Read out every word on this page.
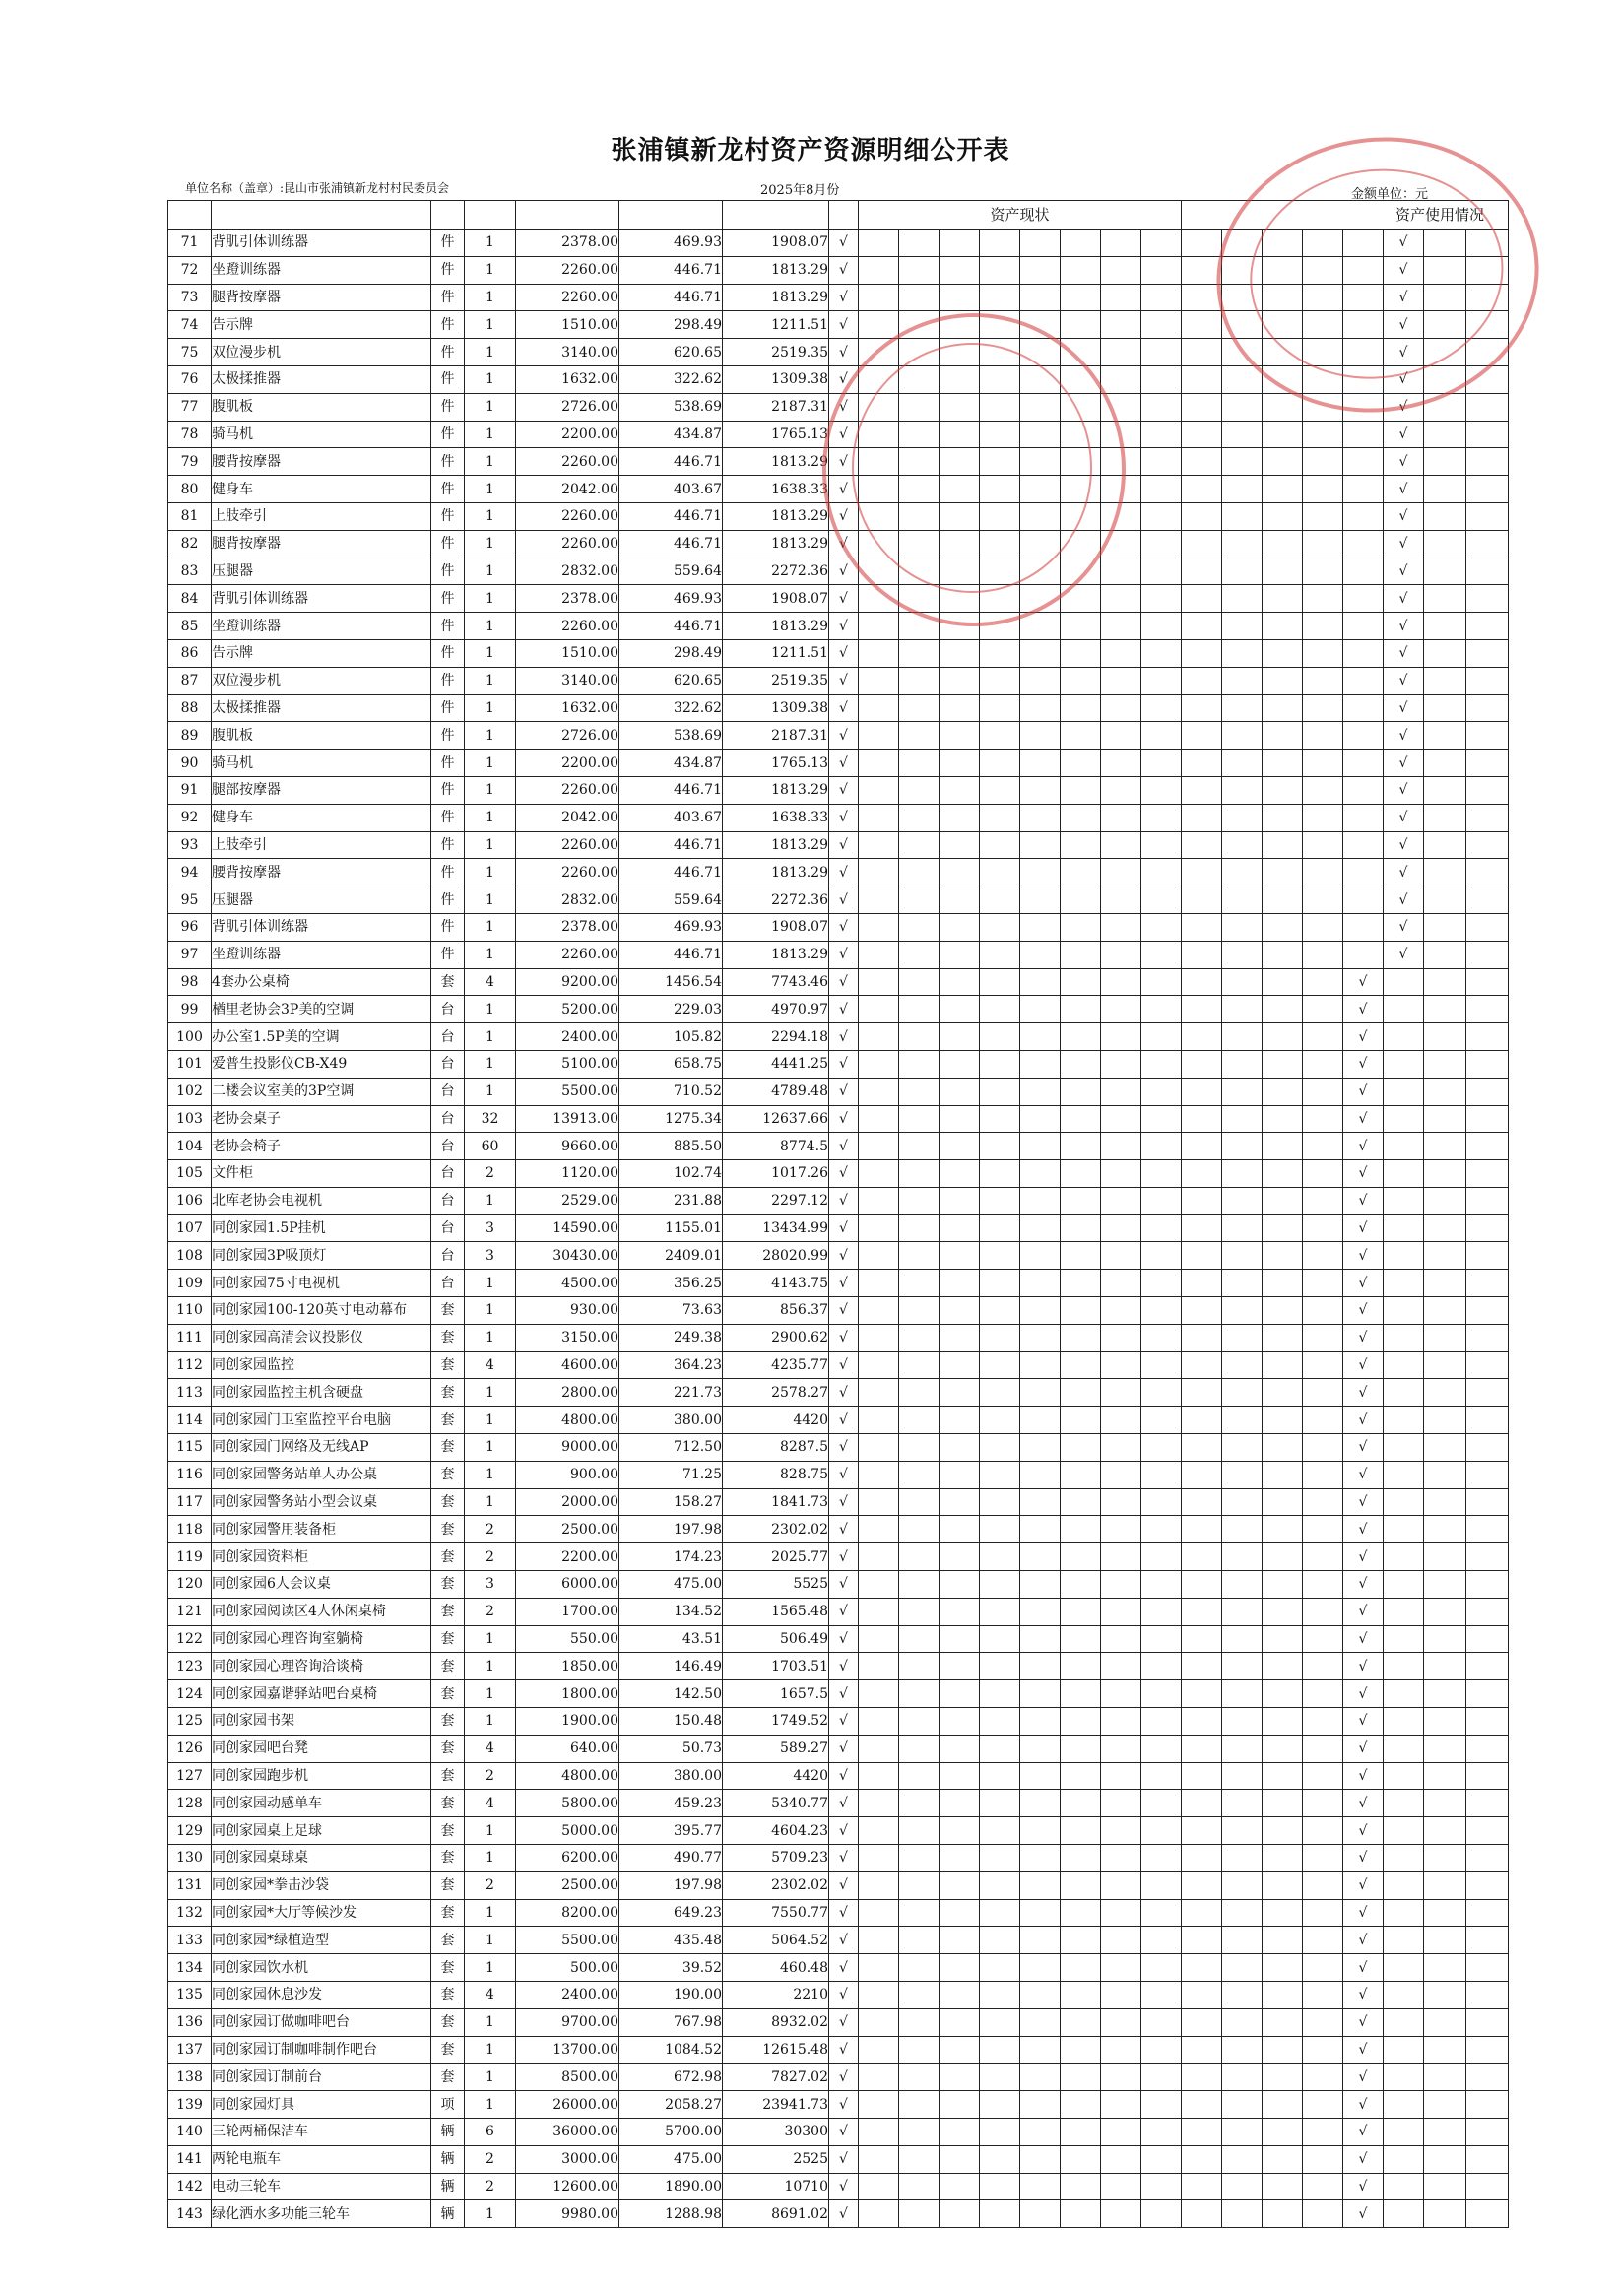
张浦镇新龙村资产资源明细公开表
单位名称（盖章）:昆山市张浦镇新龙村村民委员会	2025年8月份	金额单位：元
								资产现状								资产使用情况							
71	背肌引体训练器	件	1	2378.00	469.93	1908.07	√														√		
72	坐蹬训练器	件	1	2260.00	446.71	1813.29	√														√		
73	腿背按摩器	件	1	2260.00	446.71	1813.29	√														√		
74	告示牌	件	1	1510.00	298.49	1211.51	√														√		
75	双位漫步机	件	1	3140.00	620.65	2519.35	√														√		
76	太极揉推器	件	1	1632.00	322.62	1309.38	√														√		
77	腹肌板	件	1	2726.00	538.69	2187.31	√														√		
78	骑马机	件	1	2200.00	434.87	1765.13	√														√		
79	腰背按摩器	件	1	2260.00	446.71	1813.29	√														√		
80	健身车	件	1	2042.00	403.67	1638.33	√														√		
81	上肢牵引	件	1	2260.00	446.71	1813.29	√														√		
82	腿背按摩器	件	1	2260.00	446.71	1813.29	√														√		
83	压腿器	件	1	2832.00	559.64	2272.36	√														√		
84	背肌引体训练器	件	1	2378.00	469.93	1908.07	√														√		
85	坐蹬训练器	件	1	2260.00	446.71	1813.29	√														√		
86	告示牌	件	1	1510.00	298.49	1211.51	√														√		
87	双位漫步机	件	1	3140.00	620.65	2519.35	√														√		
88	太极揉推器	件	1	1632.00	322.62	1309.38	√														√		
89	腹肌板	件	1	2726.00	538.69	2187.31	√														√		
90	骑马机	件	1	2200.00	434.87	1765.13	√														√		
91	腿部按摩器	件	1	2260.00	446.71	1813.29	√														√		
92	健身车	件	1	2042.00	403.67	1638.33	√														√		
93	上肢牵引	件	1	2260.00	446.71	1813.29	√														√		
94	腰背按摩器	件	1	2260.00	446.71	1813.29	√														√		
95	压腿器	件	1	2832.00	559.64	2272.36	√														√		
96	背肌引体训练器	件	1	2378.00	469.93	1908.07	√														√		
97	坐蹬训练器	件	1	2260.00	446.71	1813.29	√														√		
98	4套办公桌椅	套	4	9200.00	1456.54	7743.46	√													√			
99	楢里老协会3P美的空调	台	1	5200.00	229.03	4970.97	√													√			
100	办公室1.5P美的空调	台	1	2400.00	105.82	2294.18	√													√			
101	爱普生投影仪CB-X49	台	1	5100.00	658.75	4441.25	√													√			
102	二楼会议室美的3P空调	台	1	5500.00	710.52	4789.48	√													√			
103	老协会桌子	台	32	13913.00	1275.34	12637.66	√													√			
104	老协会椅子	台	60	9660.00	885.50	8774.5	√													√			
105	文件柜	台	2	1120.00	102.74	1017.26	√													√			
106	北库老协会电视机	台	1	2529.00	231.88	2297.12	√													√			
107	同创家园1.5P挂机	台	3	14590.00	1155.01	13434.99	√													√			
108	同创家园3P吸顶灯	台	3	30430.00	2409.01	28020.99	√													√			
109	同创家园75寸电视机	台	1	4500.00	356.25	4143.75	√													√			
110	同创家园100-120英寸电动幕布	套	1	930.00	73.63	856.37	√													√			
111	同创家园高清会议投影仪	套	1	3150.00	249.38	2900.62	√													√			
112	同创家园监控	套	4	4600.00	364.23	4235.77	√													√			
113	同创家园监控主机含硬盘	套	1	2800.00	221.73	2578.27	√													√			
114	同创家园门卫室监控平台电脑	套	1	4800.00	380.00	4420	√													√			
115	同创家园门网络及无线AP	套	1	9000.00	712.50	8287.5	√													√			
116	同创家园警务站单人办公桌	套	1	900.00	71.25	828.75	√													√			
117	同创家园警务站小型会议桌	套	1	2000.00	158.27	1841.73	√													√			
118	同创家园警用装备柜	套	2	2500.00	197.98	2302.02	√													√			
119	同创家园资料柜	套	2	2200.00	174.23	2025.77	√													√			
120	同创家园6人会议桌	套	3	6000.00	475.00	5525	√													√			
121	同创家园阅读区4人休闲桌椅	套	2	1700.00	134.52	1565.48	√													√			
122	同创家园心理咨询室躺椅	套	1	550.00	43.51	506.49	√													√			
123	同创家园心理咨询洽谈椅	套	1	1850.00	146.49	1703.51	√													√			
124	同创家园嘉谐驿站吧台桌椅	套	1	1800.00	142.50	1657.5	√													√			
125	同创家园书架	套	1	1900.00	150.48	1749.52	√													√			
126	同创家园吧台凳	套	4	640.00	50.73	589.27	√													√			
127	同创家园跑步机	套	2	4800.00	380.00	4420	√													√			
128	同创家园动感单车	套	4	5800.00	459.23	5340.77	√													√			
129	同创家园桌上足球	套	1	5000.00	395.77	4604.23	√													√			
130	同创家园桌球桌	套	1	6200.00	490.77	5709.23	√													√			
131	同创家园*拳击沙袋	套	2	2500.00	197.98	2302.02	√													√			
132	同创家园*大厅等候沙发	套	1	8200.00	649.23	7550.77	√													√			
133	同创家园*绿植造型	套	1	5500.00	435.48	5064.52	√													√			
134	同创家园饮水机	套	1	500.00	39.52	460.48	√													√			
135	同创家园休息沙发	套	4	2400.00	190.00	2210	√													√			
136	同创家园订做咖啡吧台	套	1	9700.00	767.98	8932.02	√													√			
137	同创家园订制咖啡制作吧台	套	1	13700.00	1084.52	12615.48	√													√			
138	同创家园订制前台	套	1	8500.00	672.98	7827.02	√													√			
139	同创家园灯具	项	1	26000.00	2058.27	23941.73	√													√			
140	三轮两桶保洁车	辆	6	36000.00	5700.00	30300	√													√			
141	两轮电瓶车	辆	2	3000.00	475.00	2525	√													√			
142	电动三轮车	辆	2	12600.00	1890.00	10710	√													√			
143	绿化洒水多功能三轮车	辆	1	9980.00	1288.98	8691.02	√													√			
